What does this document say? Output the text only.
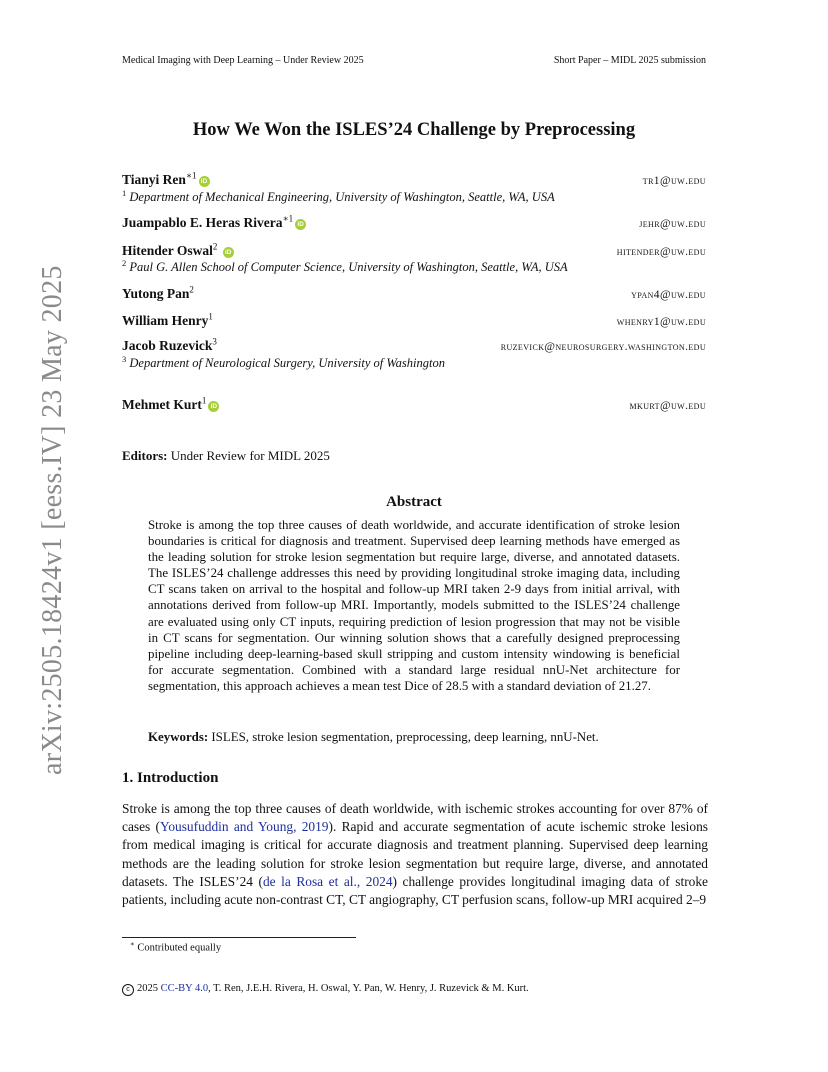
Medical Imaging with Deep Learning – Under Review 2025	Short Paper – MIDL 2025 submission
arXiv:2505.18424v1 [eess.IV] 23 May 2025
How We Won the ISLES’24 Challenge by Preprocessing
Tianyi Ren$^{∗1}$iD	tr1@uw.edu
$^1$ Department of Mechanical Engineering, University of Washington, Seattle, WA, USA
Juampablo E. Heras Rivera$^{∗1}$iD	jehr@uw.edu
Hitender Oswal$^2$ iD	hitender@uw.edu
$^2$ Paul G. Allen School of Computer Science, University of Washington, Seattle, WA, USA
Yutong Pan$^2$	ypan4@uw.edu
William Henry$^1$	whenry1@uw.edu
Jacob Ruzevick$^3$	ruzevick@neurosurgery.washington.edu
$^3$ Department of Neurological Surgery, University of Washington
Mehmet Kurt$^1$iD	mkurt@uw.edu
Editors: Under Review for MIDL 2025
Abstract
Stroke is among the top three causes of death worldwide, and accurate identification of stroke lesion boundaries is critical for diagnosis and treatment. Supervised deep learning methods have emerged as the leading solution for stroke lesion segmentation but require large, diverse, and annotated datasets. The ISLES’24 challenge addresses this need by providing longitudinal stroke imaging data, including CT scans taken on arrival to the hospital and follow-up MRI taken 2-9 days from initial arrival, with annotations derived from follow-up MRI. Importantly, models submitted to the ISLES’24 challenge are evaluated using only CT inputs, requiring prediction of lesion progression that may not be visible in CT scans for segmentation. Our winning solution shows that a carefully designed preprocessing pipeline including deep-learning-based skull stripping and custom intensity windowing is beneficial for accurate segmentation. Combined with a standard large residual nnU-Net architecture for segmentation, this approach achieves a mean test Dice of 28.5 with a standard deviation of 21.27.
Keywords: ISLES, stroke lesion segmentation, preprocessing, deep learning, nnU-Net.
1. Introduction
Stroke is among the top three causes of death worldwide, with ischemic strokes accounting for over 87% of cases (Yousufuddin and Young, 2019). Rapid and accurate segmentation of acute ischemic stroke lesions from medical imaging is critical for accurate diagnosis and treatment planning. Supervised deep learning methods are the leading solution for stroke lesion segmentation but require large, diverse, and annotated datasets. The ISLES’24 (de la Rosa et al., 2024) challenge provides longitudinal imaging data of stroke patients, including acute non-contrast CT, CT angiography, CT perfusion scans, follow-up MRI acquired 2–9
∗ Contributed equally
c 2025 CC-BY 4.0, T. Ren, J.E.H. Rivera, H. Oswal, Y. Pan, W. Henry, J. Ruzevick & M. Kurt.
